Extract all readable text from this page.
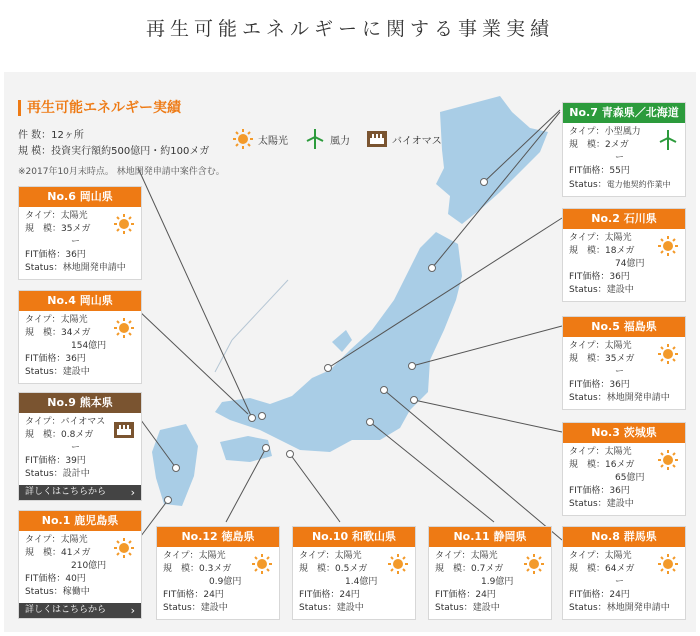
再生可能エネルギーに関する事業実績
再生可能エネルギー実績
件 数：12ヶ所
規 模：投資実行額約500億円・約100メガ
※2017年10月末時点。 林地開発申請中案件含む。
太陽光	風力	バイオマス
No.6 岡山県
タイプ：太陽光
規　模：35メガ
ー
FIT価格：36円
Status：林地開発申請中
No.4 岡山県
タイプ：太陽光
規　模：34メガ
154億円
FIT価格：36円
Status：建設中
No.9 熊本県
タイプ：バイオマス
規　模：0.8メガ
ー
FIT価格：39円
Status：設計中
詳しくはこちらから ›
No.1 鹿児島県
タイプ：太陽光
規　模：41メガ
210億円
FIT価格：40円
Status：稼働中
詳しくはこちらから ›
No.12 徳島県
タイプ：太陽光
規　模：0.3メガ
0.9億円
FIT価格：24円
Status：建設中
No.10 和歌山県
タイプ：太陽光
規　模：0.5メガ
1.4億円
FIT価格：24円
Status：建設中
No.11 静岡県
タイプ：太陽光
規　模：0.7メガ
1.9億円
FIT価格：24円
Status：建設中
No.7 青森県／北海道
タイプ：小型風力
規　模：2メガ
ー
FIT価格：55円
Status：電力他契約作業中
No.2 石川県
タイプ：太陽光
規　模：18メガ
74億円
FIT価格：36円
Status：建設中
No.5 福島県
タイプ：太陽光
規　模：35メガ
ー
FIT価格：36円
Status：林地開発申請中
No.3 茨城県
タイプ：太陽光
規　模：16メガ
65億円
FIT価格：36円
Status：建設中
No.8 群馬県
タイプ：太陽光
規　模：64メガ
ー
FIT価格：24円
Status：林地開発申請中
